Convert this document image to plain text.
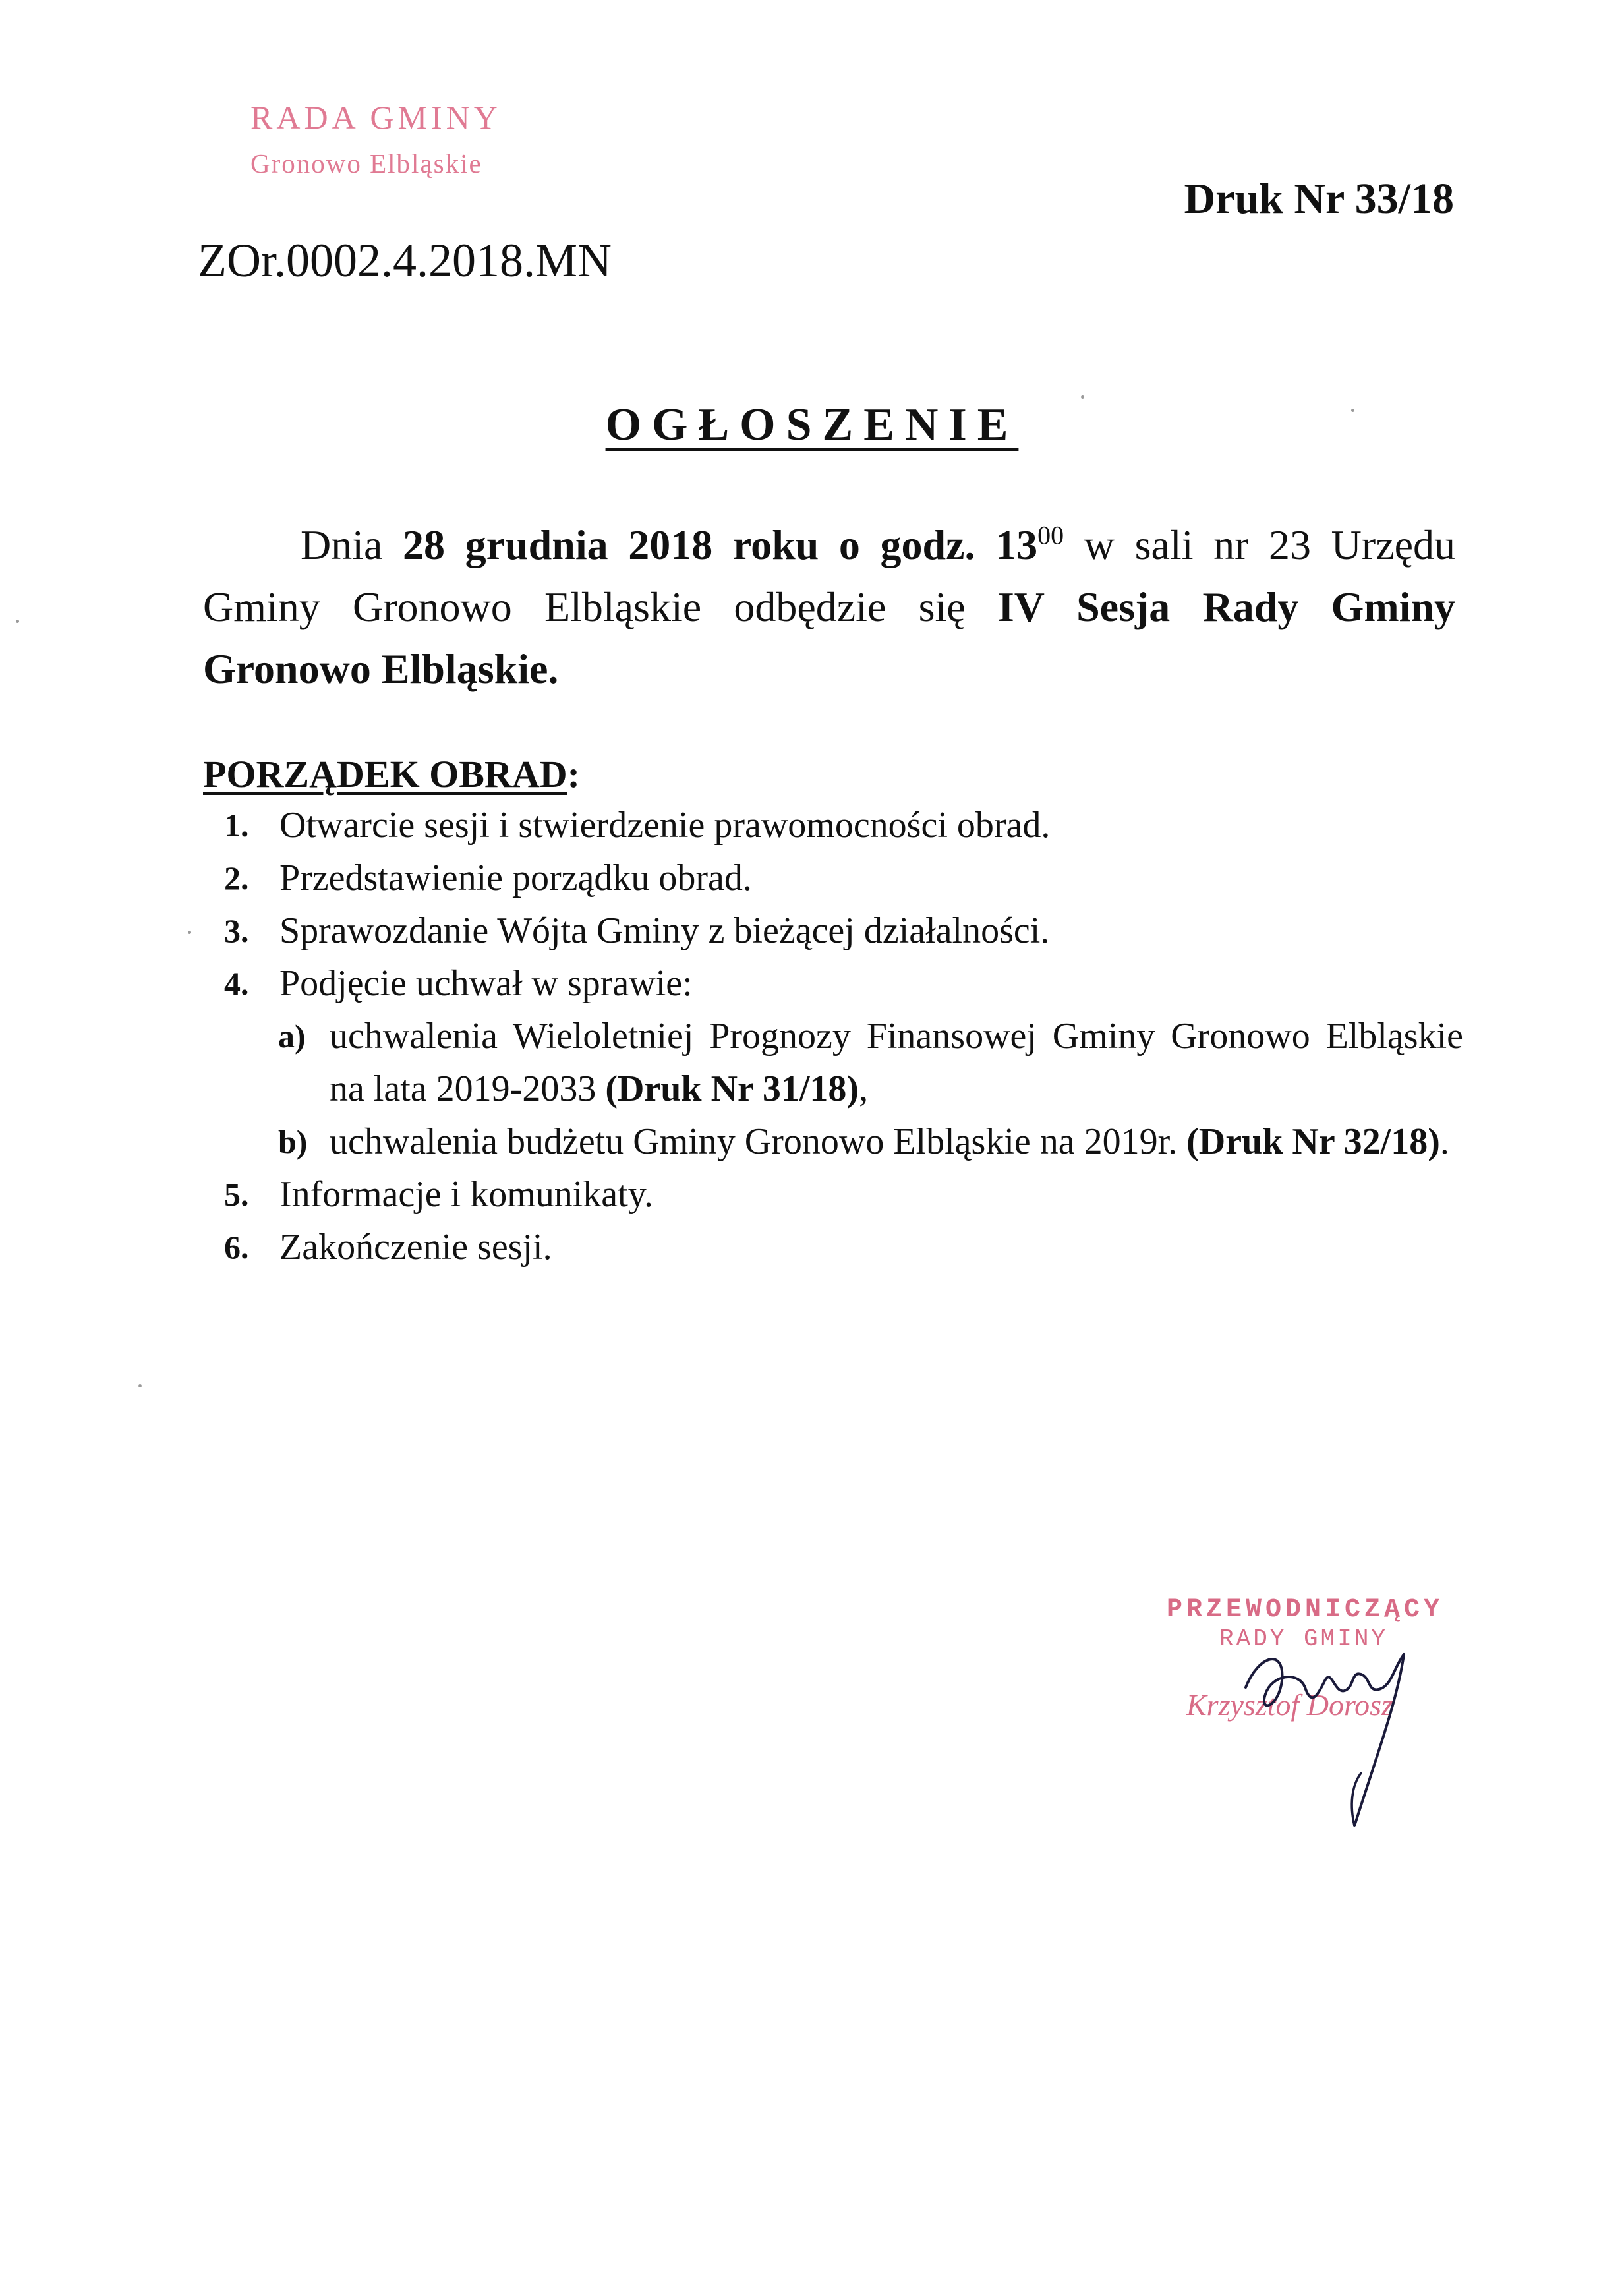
RADA GMINY
Gronowo Elbląskie
Druk Nr 33/18
ZOr.0002.4.2018.MN
OGŁOSZENIE
Dnia 28 grudnia 2018 roku o godz. $13^{00}$ w sali nr 23 Urzędu Gminy Gronowo Elbląskie odbędzie się IV Sesja Rady Gminy Gronowo Elbląskie.
PORZĄDEK OBRAD:
1. Otwarcie sesji i stwierdzenie prawomocności obrad.
2. Przedstawienie porządku obrad.
3. Sprawozdanie Wójta Gminy z bieżącej działalności.
4. Podjęcie uchwał w sprawie:
a) uchwalenia Wieloletniej Prognozy Finansowej Gminy Gronowo Elbląskie na lata 2019-2033 (Druk Nr 31/18),
b) uchwalenia budżetu Gminy Gronowo Elbląskie na 2019r. (Druk Nr 32/18).
5. Informacje i komunikaty.
6. Zakończenie sesji.
PRZEWODNICZĄCY
RADY GMINY
Krzysztof Dorosz
